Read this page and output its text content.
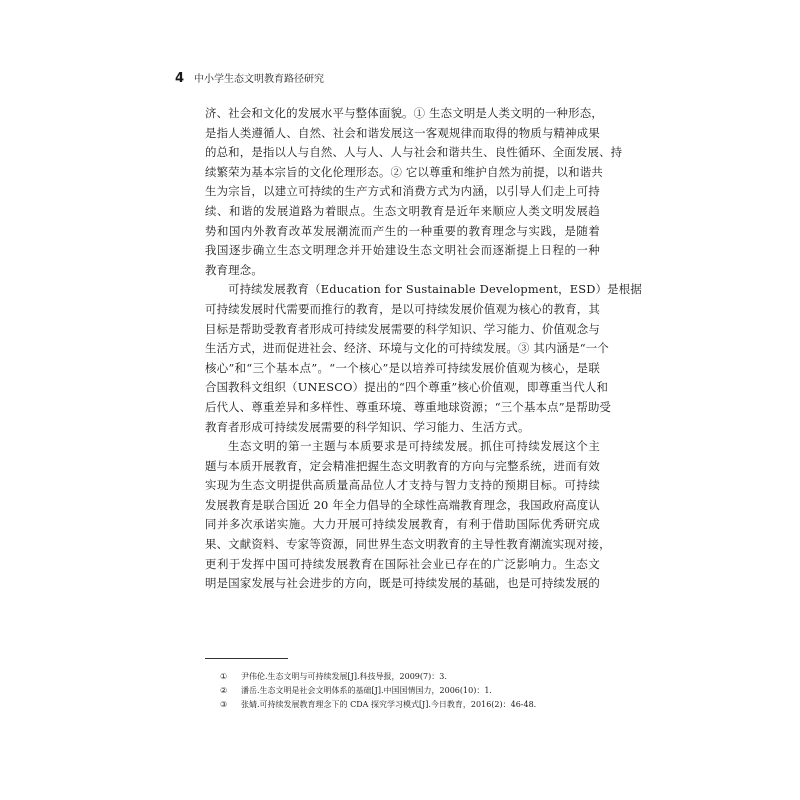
4 中小学生态文明教育路径研究

济、社会和文化的发展水平与整体面貌。① 生态文明是人类文明的一种形态，
是指人类遵循人、自然、社会和谐发展这一客观规律而取得的物质与精神成果
的总和，是指以人与自然、人与人、人与社会和谐共生、良性循环、全面发展、持
续繁荣为基本宗旨的文化伦理形态。② 它以尊重和维护自然为前提，以和谐共
生为宗旨，以建立可持续的生产方式和消费方式为内涵，以引导人们走上可持
续、和谐的发展道路为着眼点。生态文明教育是近年来顺应人类文明发展趋
势和国内外教育改革发展潮流而产生的一种重要的教育理念与实践，是随着
我国逐步确立生态文明理念并开始建设生态文明社会而逐渐提上日程的一种
教育理念。

可持续发展教育（Education for Sustainable Development，ESD）是根据
可持续发展时代需要而推行的教育，是以可持续发展价值观为核心的教育，其
目标是帮助受教育者形成可持续发展需要的科学知识、学习能力、价值观念与
生活方式，进而促进社会、经济、环境与文化的可持续发展。③ 其内涵是“一个
核心”和“三个基本点”。“一个核心”是以培养可持续发展价值观为核心，是联
合国教科文组织（UNESCO）提出的“四个尊重”核心价值观，即尊重当代人和
后代人、尊重差异和多样性、尊重环境、尊重地球资源；“三个基本点”是帮助受
教育者形成可持续发展需要的科学知识、学习能力、生活方式。

生态文明的第一主题与本质要求是可持续发展。抓住可持续发展这个主
题与本质开展教育，定会精准把握生态文明教育的方向与完整系统，进而有效
实现为生态文明提供高质量高品位人才支持与智力支持的预期目标。可持续
发展教育是联合国近 20 年全力倡导的全球性高端教育理念，我国政府高度认
同并多次承诺实施。大力开展可持续发展教育，有利于借助国际优秀研究成
果、文献资料、专家等资源，同世界生态文明教育的主导性教育潮流实现对接，
更利于发挥中国可持续发展教育在国际社会业已存在的广泛影响力。生态文
明是国家发展与社会进步的方向，既是可持续发展的基础，也是可持续发展的

①	尹伟伦.生态文明与可持续发展[J].科技导报，2009(7)：3.
②	潘岳.生态文明是社会文明体系的基础[J].中国国情国力，2006(10)：1.
③	张婧.可持续发展教育理念下的 CDA 探究学习模式[J].今日教育，2016(2)：46-48.
